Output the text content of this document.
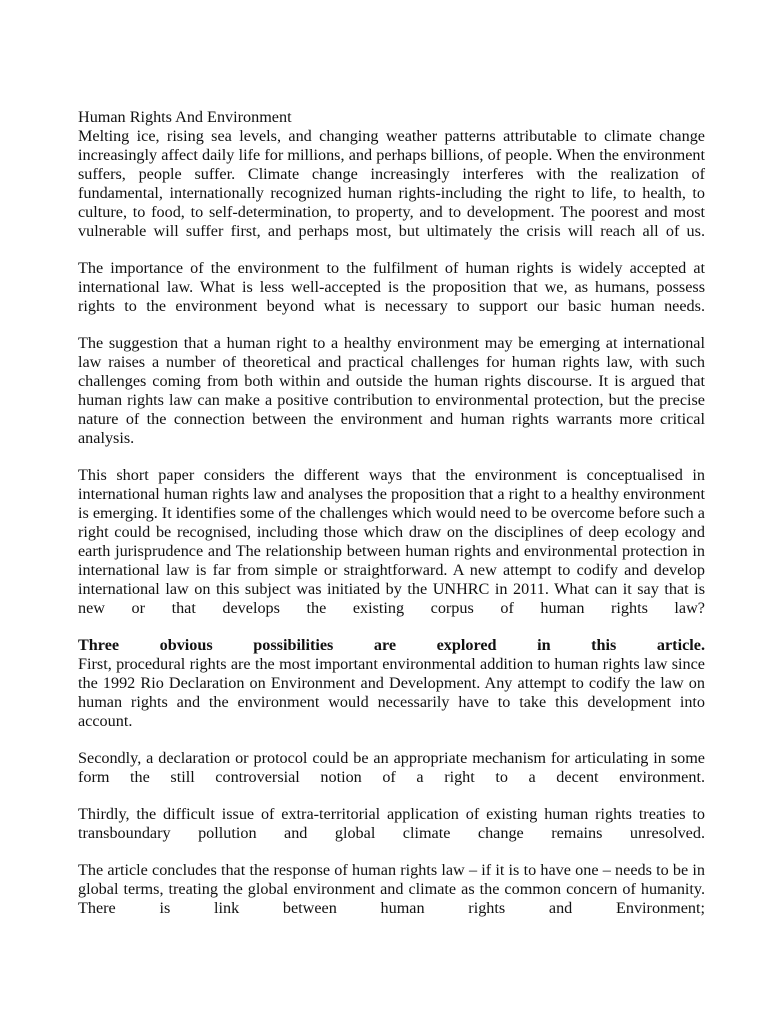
Human Rights And Environment

Melting ice, rising sea levels, and changing weather patterns attributable to climate change increasingly affect daily life for millions, and perhaps billions, of people. When the environment suffers, people suffer. Climate change increasingly interferes with the realization of fundamental, internationally recognized human rights-including the right to life, to health, to culture, to food, to self-determination, to property, and to development. The poorest and most vulnerable will suffer first, and perhaps most, but ultimately the crisis will reach all of us.

The importance of the environment to the fulfilment of human rights is widely accepted at international law. What is less well-accepted is the proposition that we, as humans, possess rights to the environment beyond what is necessary to support our basic human needs.

The suggestion that a human right to a healthy environment may be emerging at international law raises a number of theoretical and practical challenges for human rights law, with such challenges coming from both within and outside the human rights discourse. It is argued that human rights law can make a positive contribution to environmental protection, but the precise nature of the connection between the environment and human rights warrants more critical analysis.

This short paper considers the different ways that the environment is conceptualised in international human rights law and analyses the proposition that a right to a healthy environment is emerging. It identifies some of the challenges which would need to be overcome before such a right could be recognised, including those which draw on the disciplines of deep ecology and earth jurisprudence and The relationship between human rights and environmental protection in international law is far from simple or straightforward. A new attempt to codify and develop international law on this subject was initiated by the UNHRC in 2011. What can it say that is new or that develops the existing corpus of human rights law?

Three obvious possibilities are explored in this article.
First, procedural rights are the most important environmental addition to human rights law since the 1992 Rio Declaration on Environment and Development. Any attempt to codify the law on human rights and the environment would necessarily have to take this development into account.

Secondly, a declaration or protocol could be an appropriate mechanism for articulating in some form the still controversial notion of a right to a decent environment.

Thirdly, the difficult issue of extra-territorial application of existing human rights treaties to transboundary pollution and global climate change remains unresolved.

The article concludes that the response of human rights law – if it is to have one – needs to be in global terms, treating the global environment and climate as the common concern of humanity. There is link between human rights and Environment;
